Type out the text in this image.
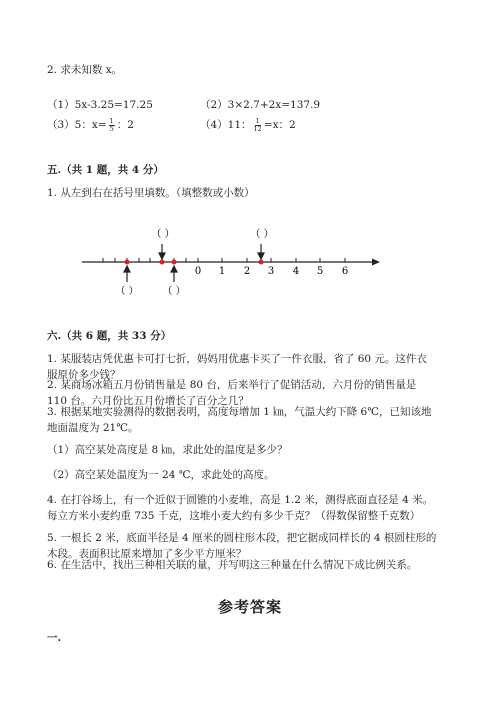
2. 求未知数 x。
（1）5x-3.25=17.25	（2）3×2.7+2x=137.9
（3）5：$x= \frac{1}{5}$ ：2	（4）11： $\frac{1}{12} =x$：2
五.（共 1 题，共 4 分）
1. 从左到右在括号里填数。（填整数或小数）
0 1 2 3 4 5 6
（ ）	（ ）
（ ） （ ）
六.（共 6 题，共 33 分）
1. 某服装店凭优惠卡可打七折，妈妈用优惠卡买了一件衣服，省了 60 元。这件衣服原价多少钱？
2. 某商场冰箱五月份销售量是 80 台，后来举行了促销活动，六月份的销售量是 110 台。六月份比五月份增长了百分之几？
3. 根据某地实验测得的数据表明，高度每增加 1 ㎞，气温大约下降 6℃，已知该地地面温度为 21℃。
（1）高空某处高度是 8 ㎞，求此处的温度是多少？
（2）高空某处温度为一 24 ℃，求此处的高度。
4. 在打谷场上，有一个近似于圆锥的小麦堆，高是 1.2 米，测得底面直径是 4 米。每立方米小麦约重 735 千克，这堆小麦大约有多少千克？（得数保留整千克数）
5. 一根长 2 米，底面半径是 4 厘米的圆柱形木段，把它据成同样长的 4 根圆柱形的木段。表面积比原来增加了多少平方厘米？
6. 在生活中，找出三种相关联的量，并写明这三种量在什么情况下成比例关系。
参考答案
一.
